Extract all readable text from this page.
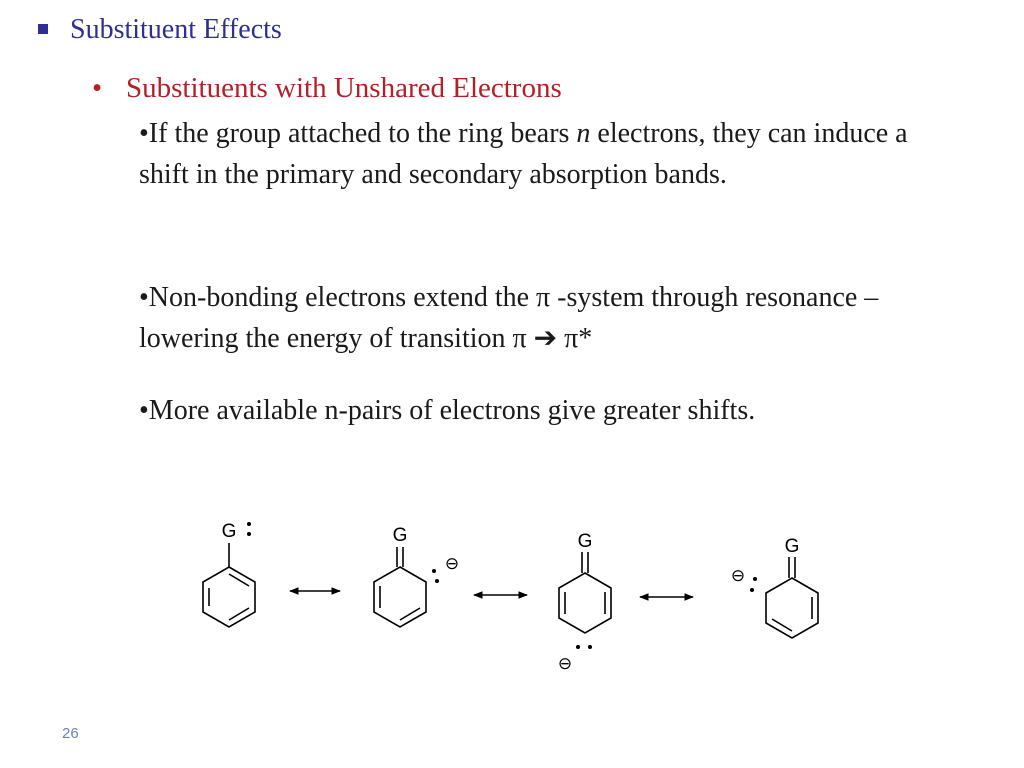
Substituent Effects
• Substituents with Unshared Electrons
•If the group attached to the ring bears n electrons, they can induce a shift in the primary and secondary absorption bands.
•Non-bonding electrons extend the π -system through resonance – lowering the energy of transition π ➔ π*
•More available n-pairs of electrons give greater shifts.
G	G	G	G
⊖
⊖
⊖
26
